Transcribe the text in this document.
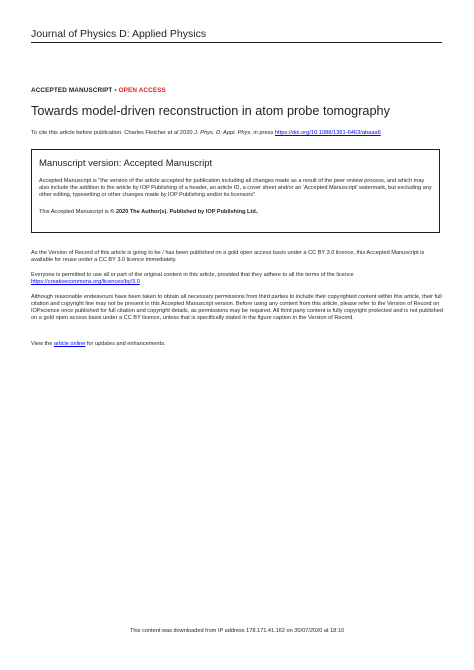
Journal of Physics D: Applied Physics
ACCEPTED MANUSCRIPT • OPEN ACCESS
Towards model-driven reconstruction in atom probe tomography
To cite this article before publication: Charles Fletcher et al 2020 J. Phys. D: Appl. Phys. in press https://doi.org/10.1088/1361-6463/abaaa6
Manuscript version: Accepted Manuscript
Accepted Manuscript is “the version of the article accepted for publication including all changes made as a result of the peer review process, and which may also include the addition to the article by IOP Publishing of a header, an article ID, a cover sheet and/or an ‘Accepted Manuscript’ watermark, but excluding any other editing, typesetting or other changes made by IOP Publishing and/or its licensors”
This Accepted Manuscript is © 2020 The Author(s). Published by IOP Publishing Ltd..
As the Version of Record of this article is going to be / has been published on a gold open access basis under a CC BY 3.0 licence, this Accepted Manuscript is available for reuse under a CC BY 3.0 licence immediately.
Everyone is permitted to use all or part of the original content in this article, provided that they adhere to all the terms of the licence
https://creativecommons.org/licences/by/3.0
Although reasonable endeavours have been taken to obtain all necessary permissions from third parties to include their copyrighted content within this article, their full citation and copyright line may not be present in this Accepted Manuscript version. Before using any content from this article, please refer to the Version of Record on IOPscience once published for full citation and copyright details, as permissions may be required. All third party content is fully copyright protected and is not published on a gold open access basis under a CC BY licence, unless that is specifically stated in the figure caption in the Version of Record.
View the article online for updates and enhancements.
This content was downloaded from IP address 178.171.41.162 on 30/07/2020 at 18:10
